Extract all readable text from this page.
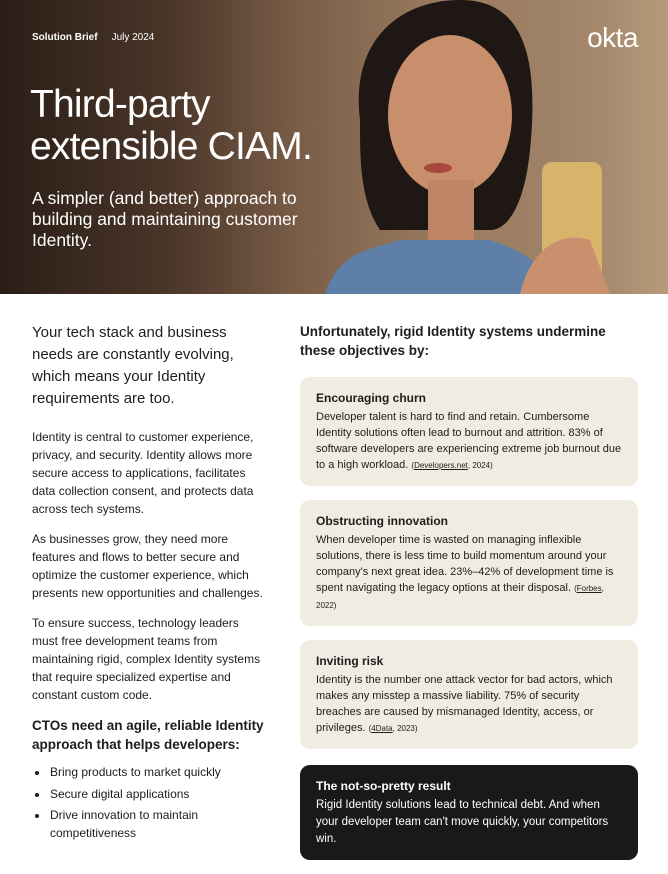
Solution Brief July 2024	okta
Third-party extensible CIAM.
A simpler (and better) approach to building and maintaining customer Identity.
Your tech stack and business needs are constantly evolving, which means your Identity requirements are too.
Identity is central to customer experience, privacy, and security. Identity allows more secure access to applications, facilitates data collection consent, and protects data across tech systems.
As businesses grow, they need more features and flows to better secure and optimize the customer experience, which presents new opportunities and challenges.
To ensure success, technology leaders must free development teams from maintaining rigid, complex Identity systems that require specialized expertise and constant custom code.
CTOs need an agile, reliable Identity approach that helps developers:
Bring products to market quickly
Secure digital applications
Drive innovation to maintain competitiveness
Unfortunately, rigid Identity systems undermine these objectives by:
Encouraging churn
Developer talent is hard to find and retain. Cumbersome Identity solutions often lead to burnout and attrition. 83% of software developers are experiencing extreme job burnout due to a high workload. (Developers.net, 2024)
Obstructing innovation
When developer time is wasted on managing inflexible solutions, there is less time to build momentum around your company's next great idea. 23%–42% of development time is spent navigating the legacy options at their disposal. (Forbes, 2022)
Inviting risk
Identity is the number one attack vector for bad actors, which makes any misstep a massive liability. 75% of security breaches are caused by mismanaged Identity, access, or privileges. (4Data, 2023)
The not-so-pretty result
Rigid Identity solutions lead to technical debt. And when your developer team can't move quickly, your competitors win.
